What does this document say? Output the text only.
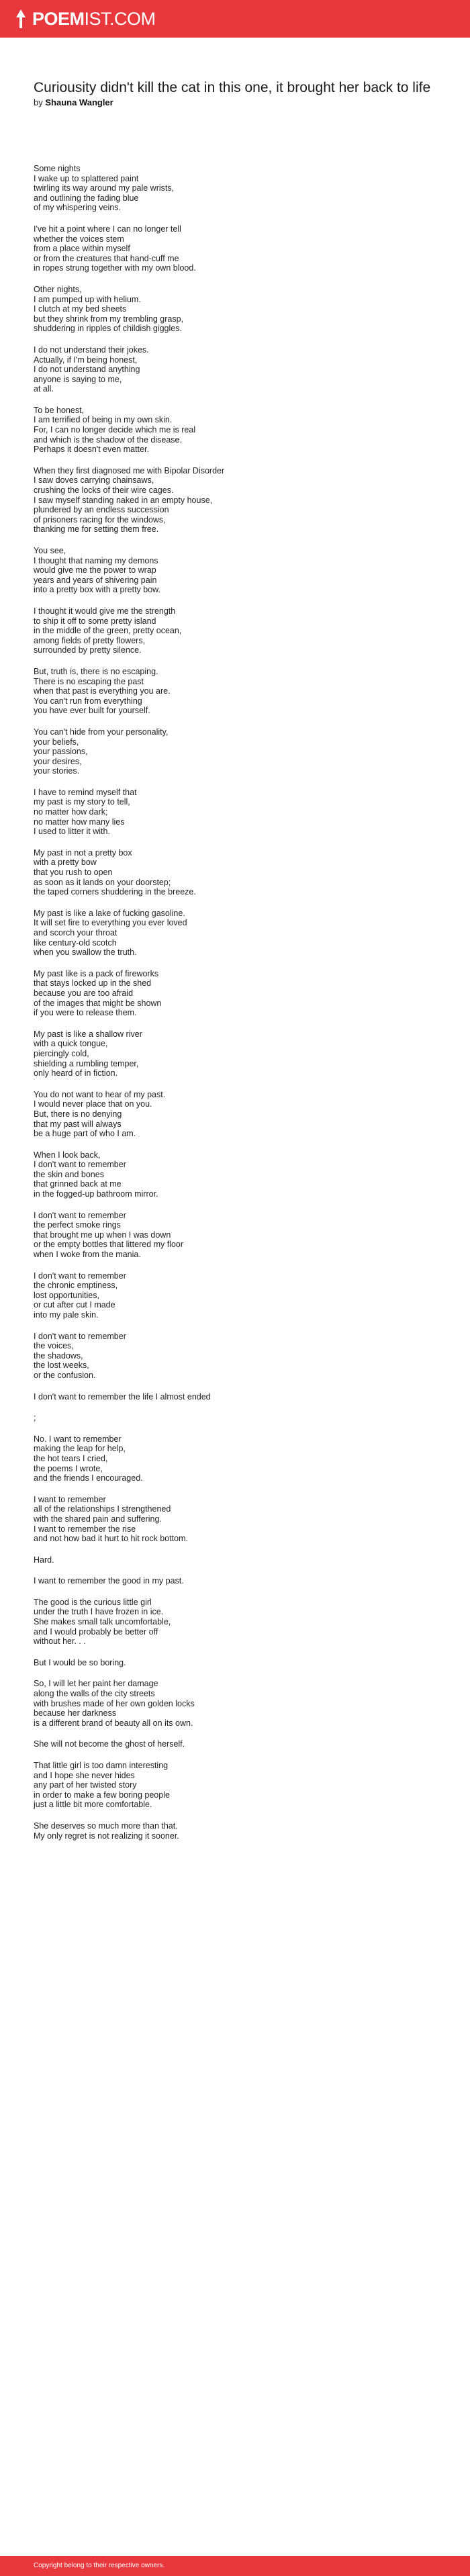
POEMIST.COM
Curiousity didn't kill the cat in this one, it brought her back to life
by Shauna Wangler

Some nights
I wake up to splattered paint
twirling its way around my pale wrists,
and outlining the fading blue
of my whispering veins.

I've hit a point where I can no longer tell
whether the voices stem
from a place within myself
or from the creatures that hand-cuff me
in ropes strung together with my own blood.

Other nights,
I am pumped up with helium.
I clutch at my bed sheets
but they shrink from my trembling grasp,
shuddering in ripples of childish giggles.

I do not understand their jokes.
Actually, if I'm being honest,
I do not understand anything
anyone is saying to me,
at all.

To be honest,
I am terrified of being in my own skin.
For, I can no longer decide which me is real
and which is the shadow of the disease.
Perhaps it doesn't even matter.

When they first diagnosed me with Bipolar Disorder
I saw doves carrying chainsaws,
crushing the locks of their wire cages.
I saw myself standing naked in an empty house,
plundered by an endless succession
of prisoners racing for the windows,
thanking me for setting them free.

You see,
I thought that naming my demons
would give me the power to wrap
years and years of shivering pain
into a pretty box with a pretty bow.

I thought it would give me the strength
to ship it off to some pretty island
in the middle of the green, pretty ocean,
among fields of pretty flowers,
surrounded by pretty silence.

But, truth is, there is no escaping.
There is no escaping the past
when that past is everything you are.
You can't run from everything
you have ever built for yourself.

You can't hide from your personality,
your beliefs,
your passions,
your desires,
your stories.

I have to remind myself that
my past is my story to tell,
no matter how dark;
no matter how many lies
I used to litter it with.

My past in not a pretty box
with a pretty bow
that you rush to open
as soon as it lands on your doorstep;
the taped corners shuddering in the breeze.

My past is like a lake of fucking gasoline.
It will set fire to everything you ever loved
and scorch your throat
like century-old scotch
when you swallow the truth.

My past like is a pack of fireworks
that stays locked up in the shed
because you are too afraid
of the images that might be shown
if you were to release them.

My past is like a shallow river
with a quick tongue,
piercingly cold,
shielding a rumbling temper,
only heard of in fiction.

You do not want to hear of my past.
I would never place that on you.
But, there is no denying
that my past will always
be a huge part of who I am.

When I look back,
I don't want to remember
the skin and bones
that grinned back at me
in the fogged-up bathroom mirror.

I don't want to remember
the perfect smoke rings
that brought me up when I was down
or the empty bottles that littered my floor
when I woke from the mania.

I don't want to remember
the chronic emptiness,
lost opportunities,
or cut after cut I made
into my pale skin.

I don't want to remember
the voices,
the shadows,
the lost weeks,
or the confusion.

I don't want to remember the life I almost ended

;

No. I want to remember
making the leap for help,
the hot tears I cried,
the poems I wrote,
and the friends I encouraged.

I want to remember
all of the relationships I strengthened
with the shared pain and suffering.
I want to remember the rise
and not how bad it hurt to hit rock bottom.

Hard.

I want to remember the good in my past.

The good is the curious little girl
under the truth I have frozen in ice.
She makes small talk uncomfortable,
and I would probably be better off
without her. . .

But I would be so boring.

So, I will let her paint her damage
along the walls of the city streets
with brushes made of her own golden locks
because her darkness
is a different brand of beauty all on its own.

She will not become the ghost of herself.

That little girl is too damn interesting
and I hope she never hides
any part of her twisted story
in order to make a few boring people
just a little bit more comfortable.

She deserves so much more than that.
My only regret is not realizing it sooner.

Copyright belong to their respective owners.
